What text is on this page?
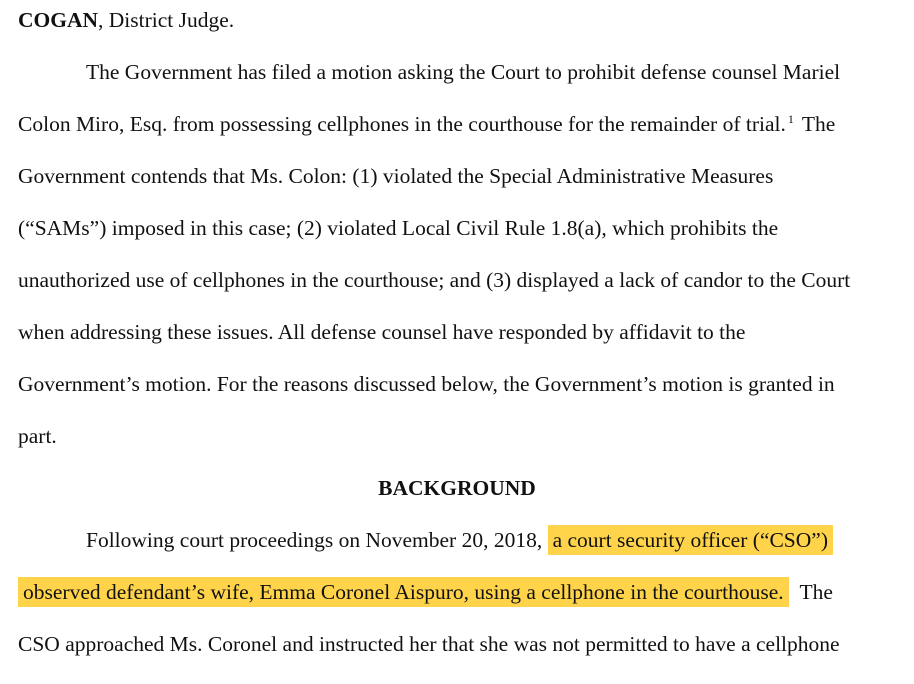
COGAN, District Judge.
The Government has filed a motion asking the Court to prohibit defense counsel Mariel
Colon Miro, Esq. from possessing cellphones in the courthouse for the remainder of trial. $^1$ The
Government contends that Ms. Colon: (1) violated the Special Administrative Measures
(“SAMs”) imposed in this case; (2) violated Local Civil Rule 1.8(a), which prohibits the
unauthorized use of cellphones in the courthouse; and (3) displayed a lack of candor to the Court
when addressing these issues. All defense counsel have responded by affidavit to the
Government’s motion. For the reasons discussed below, the Government’s motion is granted in
part.
BACKGROUND
Following court proceedings on November 20, 2018, a court security officer (“CSO”)
observed defendant’s wife, Emma Coronel Aispuro, using a cellphone in the courthouse. The
CSO approached Ms. Coronel and instructed her that she was not permitted to have a cellphone
